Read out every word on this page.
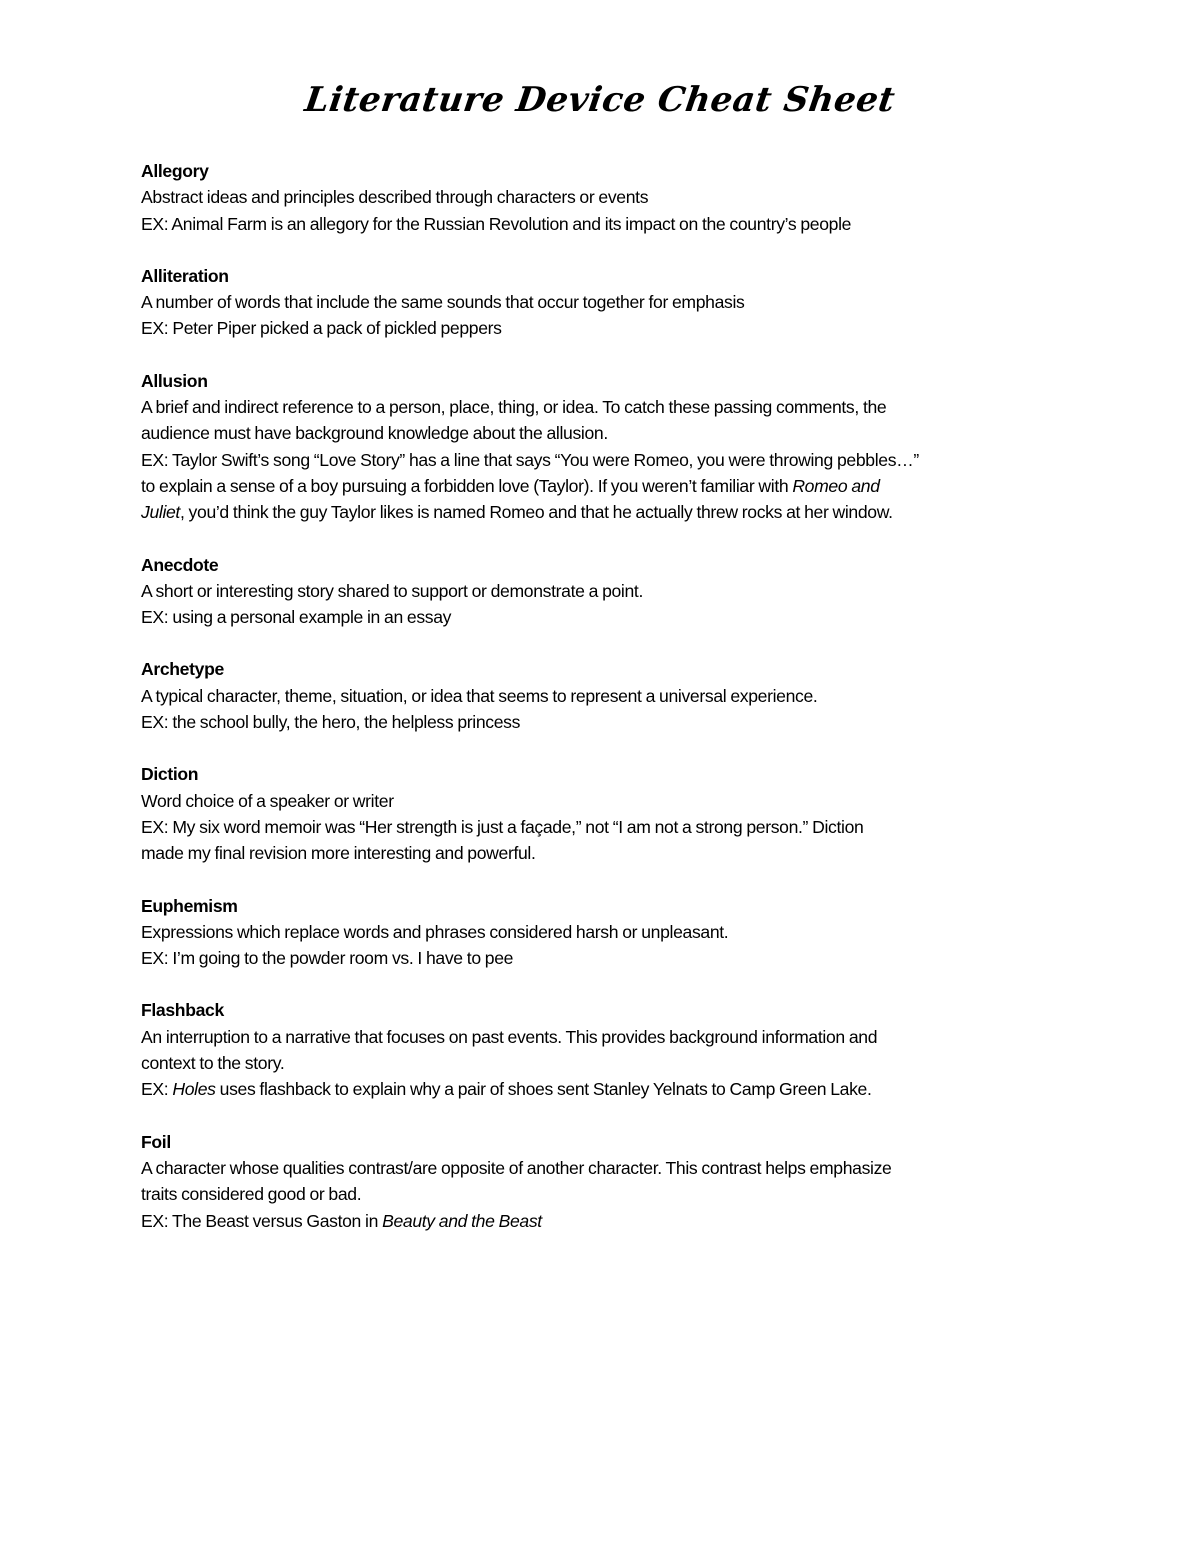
Literature Device Cheat Sheet
Allegory
Abstract ideas and principles described through characters or events
EX: Animal Farm is an allegory for the Russian Revolution and its impact on the country’s people
Alliteration
A number of words that include the same sounds that occur together for emphasis
EX: Peter Piper picked a pack of pickled peppers
Allusion
A brief and indirect reference to a person, place, thing, or idea. To catch these passing comments, the
audience must have background knowledge about the allusion.
EX: Taylor Swift’s song “Love Story” has a line that says “You were Romeo, you were throwing pebbles…”
to explain a sense of a boy pursuing a forbidden love (Taylor). If you weren’t familiar with Romeo and
Juliet, you’d think the guy Taylor likes is named Romeo and that he actually threw rocks at her window.
Anecdote
A short or interesting story shared to support or demonstrate a point.
EX: using a personal example in an essay
Archetype
A typical character, theme, situation, or idea that seems to represent a universal experience.
EX: the school bully, the hero, the helpless princess
Diction
Word choice of a speaker or writer
EX: My six word memoir was “Her strength is just a façade,” not “I am not a strong person.” Diction
made my final revision more interesting and powerful.
Euphemism
Expressions which replace words and phrases considered harsh or unpleasant.
EX: I’m going to the powder room vs. I have to pee
Flashback
An interruption to a narrative that focuses on past events. This provides background information and
context to the story.
EX: Holes uses flashback to explain why a pair of shoes sent Stanley Yelnats to Camp Green Lake.
Foil
A character whose qualities contrast/are opposite of another character. This contrast helps emphasize
traits considered good or bad.
EX: The Beast versus Gaston in Beauty and the Beast
